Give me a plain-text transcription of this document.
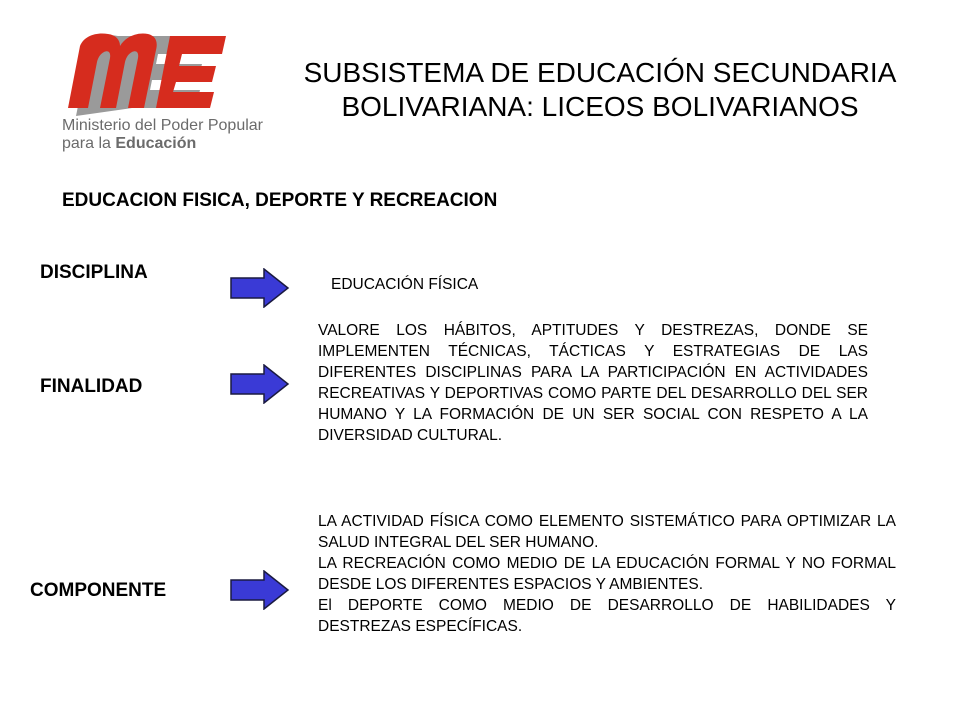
Ministerio del Poder Popular
para la Educación
SUBSISTEMA DE EDUCACIÓN SECUNDARIA
BOLIVARIANA: LICEOS BOLIVARIANOS
EDUCACION FISICA, DEPORTE Y RECREACION
DISCIPLINA

EDUCACIÓN FÍSICA

FINALIDAD

VALORE LOS HÁBITOS, APTITUDES Y DESTREZAS, DONDE SE IMPLEMENTEN TÉCNICAS, TÁCTICAS Y ESTRATEGIAS DE LAS DIFERENTES DISCIPLINAS PARA LA PARTICIPACIÓN EN ACTIVIDADES RECREATIVAS Y DEPORTIVAS COMO PARTE DEL DESARROLLO DEL SER HUMANO Y LA FORMACIÓN DE UN SER SOCIAL CON RESPETO A LA DIVERSIDAD CULTURAL.

COMPONENTE

LA ACTIVIDAD FÍSICA COMO ELEMENTO SISTEMÁTICO PARA OPTIMIZAR LA SALUD INTEGRAL DEL SER HUMANO.

LA RECREACIÓN COMO MEDIO DE LA EDUCACIÓN FORMAL Y NO FORMAL DESDE LOS DIFERENTES ESPACIOS Y AMBIENTES.

El DEPORTE COMO MEDIO DE DESARROLLO DE HABILIDADES Y DESTREZAS ESPECÍFICAS.
